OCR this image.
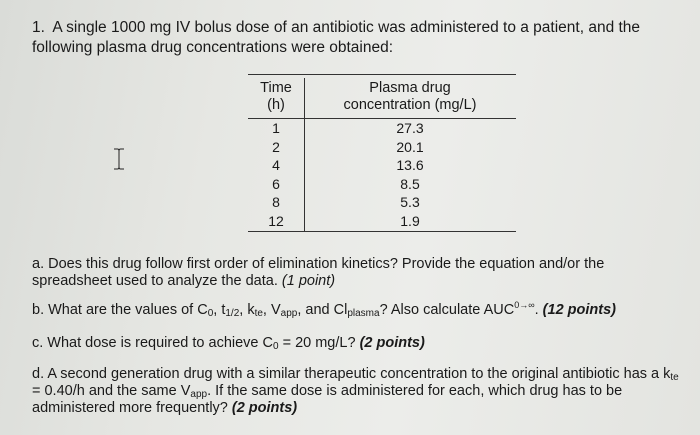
1. A single 1000 mg IV bolus dose of an antibiotic was administered to a patient, and the following plasma drug concentrations were obtained:
Time
(h)
Plasma drug
concentration (mg/L)
1
2
4
6
8
12
27.3
20.1
13.6
8.5
5.3
1.9
a. Does this drug follow first order of elimination kinetics? Provide the equation and/or the spreadsheet used to analyze the data. (1 point)
b. What are the values of $C_0$, $t_{1/2}$, $k_{te}$, $V_{app}$, and $Cl_{plasma}$? Also calculate $AUC^{0\to\infty}$. (12 points)
c. What dose is required to achieve $C_0 = 20$ mg/L? (2 points)
d. A second generation drug with a similar therapeutic concentration to the original antibiotic has a $k_{te} = 0.40/h$ and the same $V_{app}$. If the same dose is administered for each, which drug has to be administered more frequently? (2 points)
